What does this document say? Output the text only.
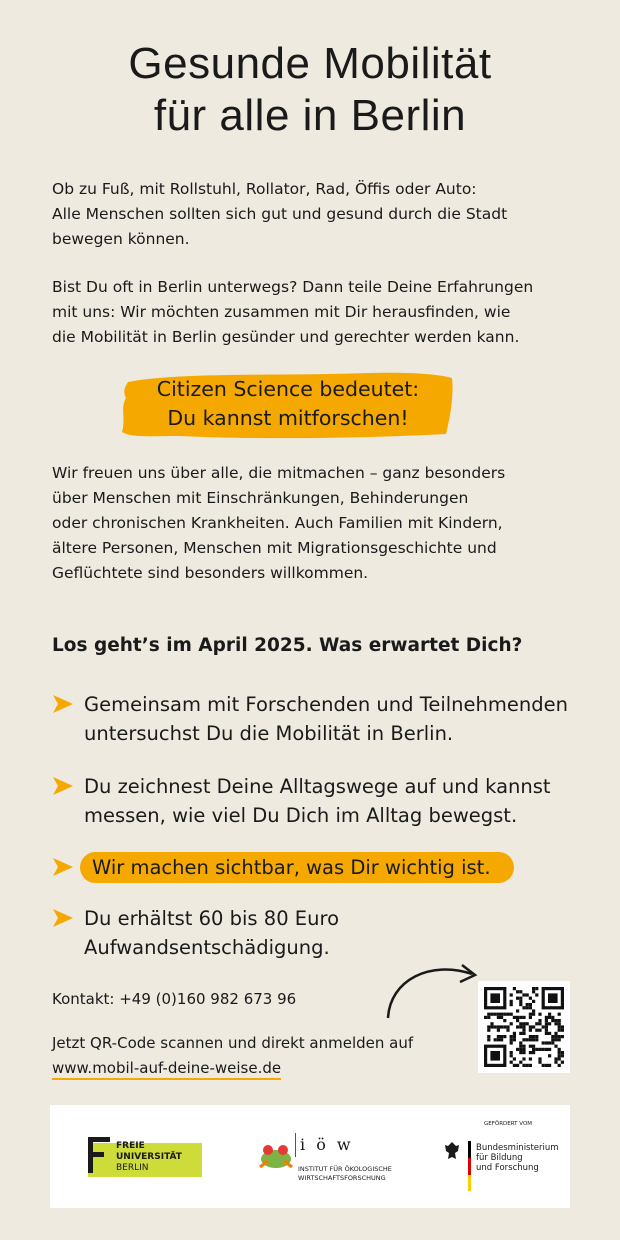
Gesunde Mobilität
für alle in Berlin
Ob zu Fuß, mit Rollstuhl, Rollator, Rad, Öffis oder Auto:
Alle Menschen sollten sich gut und gesund durch die Stadt
bewegen können.
Bist Du oft in Berlin unterwegs? Dann teile Deine Erfahrungen
mit uns: Wir möchten zusammen mit Dir herausfinden, wie
die Mobilität in Berlin gesünder und gerechter werden kann.
Citizen Science bedeutet:
Du kannst mitforschen!
Wir freuen uns über alle, die mitmachen – ganz besonders
über Menschen mit Einschränkungen, Behinderungen
oder chronischen Krankheiten. Auch Familien mit Kindern,
ältere Personen, Menschen mit Migrationsgeschichte und
Geflüchtete sind besonders willkommen.
Los geht’s im April 2025. Was erwartet Dich?
Gemeinsam mit Forschenden und Teilnehmenden
untersuchst Du die Mobilität in Berlin.
Du zeichnest Deine Alltagswege auf und kannst
messen, wie viel Du Dich im Alltag bewegst.
Wir machen sichtbar, was Dir wichtig ist.
Du erhältst 60 bis 80 Euro
Aufwandsentschädigung.
Kontakt: +49 (0)160 982 673 96
Jetzt QR-Code scannen und direkt anmelden auf
www.mobil-auf-deine-weise.de
FREIE
UNIVERSITÄT
BERLIN
i ö w
INSTITUT FÜR ÖKOLOGISCHE
WIRTSCHAFTSFORSCHUNG
GEFÖRDERT VOM
Bundesministerium
für Bildung
und Forschung
